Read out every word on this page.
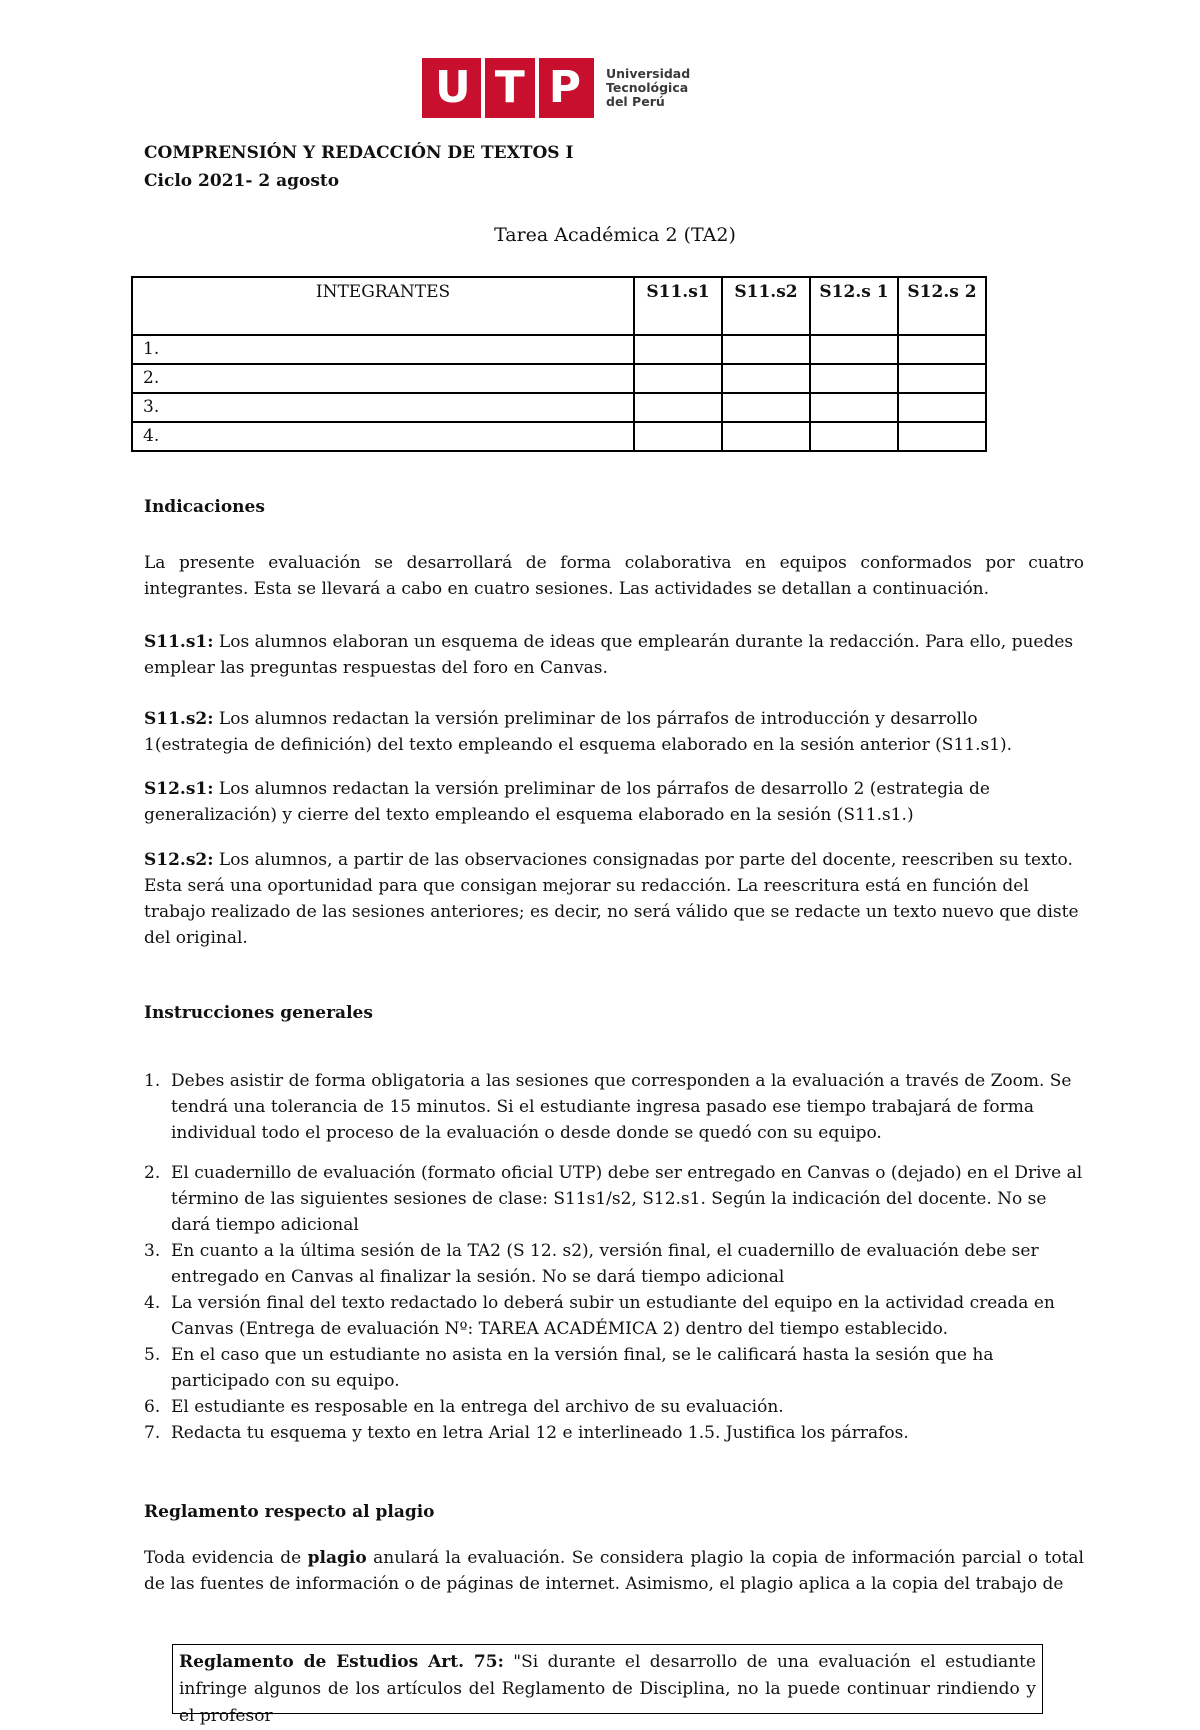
U T P Universidad
Tecnológica
del Perú
COMPRENSIÓN Y REDACCIÓN DE TEXTOS I
Ciclo 2021- 2 agosto
Tarea Académica 2 (TA2)
INTEGRANTES	S11.s1	S11.s2	S12.s 1	S12.s 2
1.				
2.				
3.				
4.				
Indicaciones
La presente evaluación se desarrollará de forma colaborativa en equipos conformados por cuatro integrantes. Esta se llevará a cabo en cuatro sesiones. Las actividades se detallan a continuación.
S11.s1: Los alumnos elaboran un esquema de ideas que emplearán durante la redacción. Para ello, puedes emplear las preguntas respuestas del foro en Canvas.
S11.s2: Los alumnos redactan la versión preliminar de los párrafos de introducción y desarrollo 1(estrategia de definición) del texto empleando el esquema elaborado en la sesión anterior (S11.s1).
S12.s1: Los alumnos redactan la versión preliminar de los párrafos de desarrollo 2 (estrategia de generalización) y cierre del texto empleando el esquema elaborado en la sesión (S11.s1.)
S12.s2: Los alumnos, a partir de las observaciones consignadas por parte del docente, reescriben su texto. Esta será una oportunidad para que consigan mejorar su redacción. La reescritura está en función del trabajo realizado de las sesiones anteriores; es decir, no será válido que se redacte un texto nuevo que diste del original.
Instrucciones generales
1. Debes asistir de forma obligatoria a las sesiones que corresponden a la evaluación a través de Zoom. Se tendrá una tolerancia de 15 minutos. Si el estudiante ingresa pasado ese tiempo trabajará de forma individual todo el proceso de la evaluación o desde donde se quedó con su equipo.
2. El cuadernillo de evaluación (formato oficial UTP) debe ser entregado en Canvas o (dejado) en el Drive al término de las siguientes sesiones de clase: S11s1/s2, S12.s1. Según la indicación del docente. No se dará tiempo adicional
3. En cuanto a la última sesión de la TA2 (S 12. s2), versión final, el cuadernillo de evaluación debe ser entregado en Canvas al finalizar la sesión. No se dará tiempo adicional
4. La versión final del texto redactado lo deberá subir un estudiante del equipo en la actividad creada en Canvas (Entrega de evaluación Nº: TAREA ACADÉMICA 2) dentro del tiempo establecido.
5. En el caso que un estudiante no asista en la versión final, se le calificará hasta la sesión que ha participado con su equipo.
6. El estudiante es resposable en la entrega del archivo de su evaluación.
7. Redacta tu esquema y texto en letra Arial 12 e interlineado 1.5. Justifica los párrafos.
Reglamento respecto al plagio
Toda evidencia de plagio anulará la evaluación. Se considera plagio la copia de información parcial o total de las fuentes de información o de páginas de internet. Asimismo, el plagio aplica a la copia del trabajo de
Reglamento de Estudios Art. 75: "Si durante el desarrollo de una evaluación el estudiante infringe algunos de los artículos del Reglamento de Disciplina, no la puede continuar rindiendo y el profesor
